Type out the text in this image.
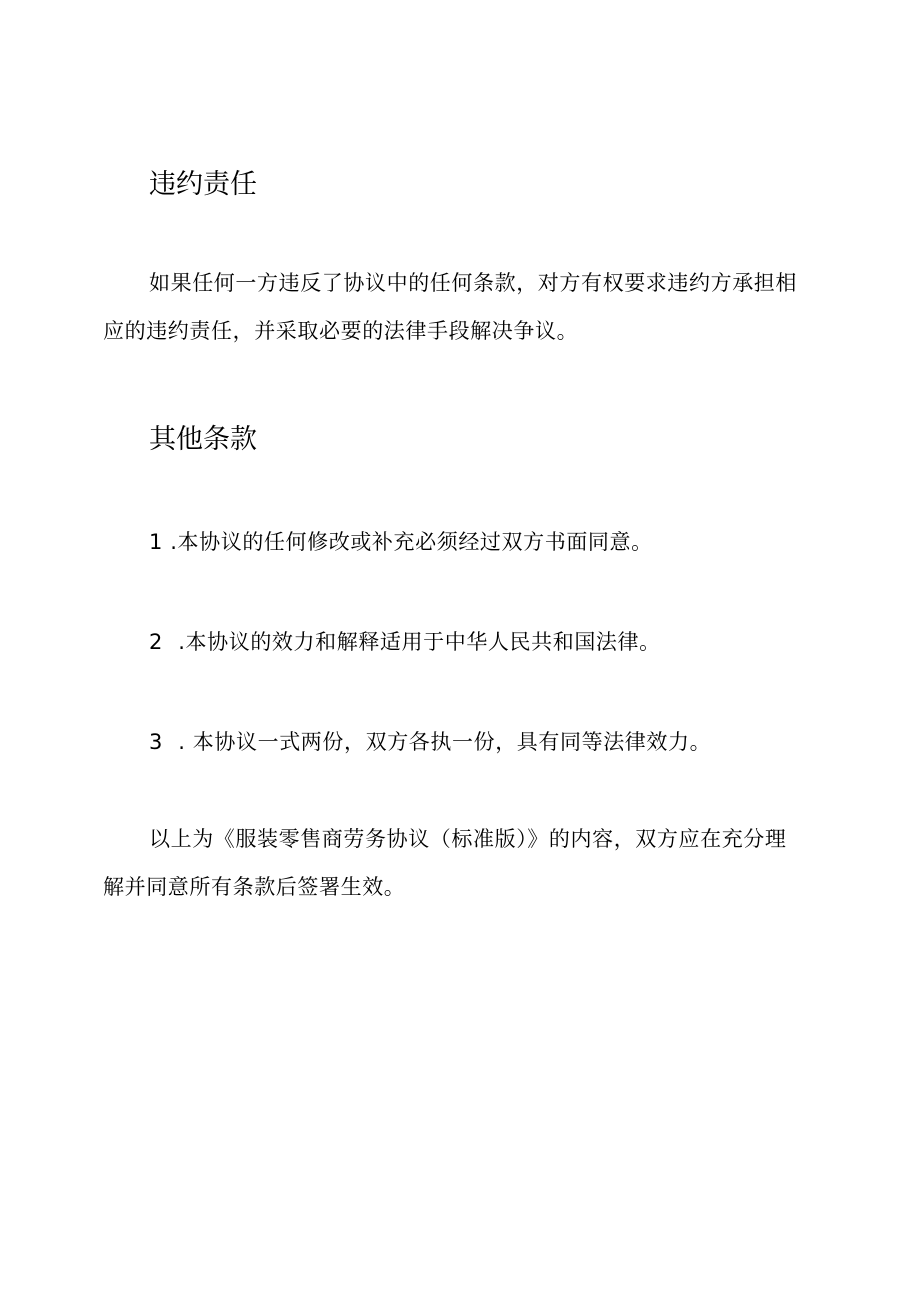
违约责任

如果任何一方违反了协议中的任何条款，对方有权要求违约方承担相应的违约责任，并采取必要的法律手段解决争议。

其他条款
1 .本协议的任何修改或补充必须经过双方书面同意。
2 .本协议的效力和解释适用于中华人民共和国法律。
3 . 本协议一式两份，双方各执一份，具有同等法律效力。

以上为《服装零售商劳务协议（标准版）》的内容，双方应在充分理解并同意所有条款后签署生效。
